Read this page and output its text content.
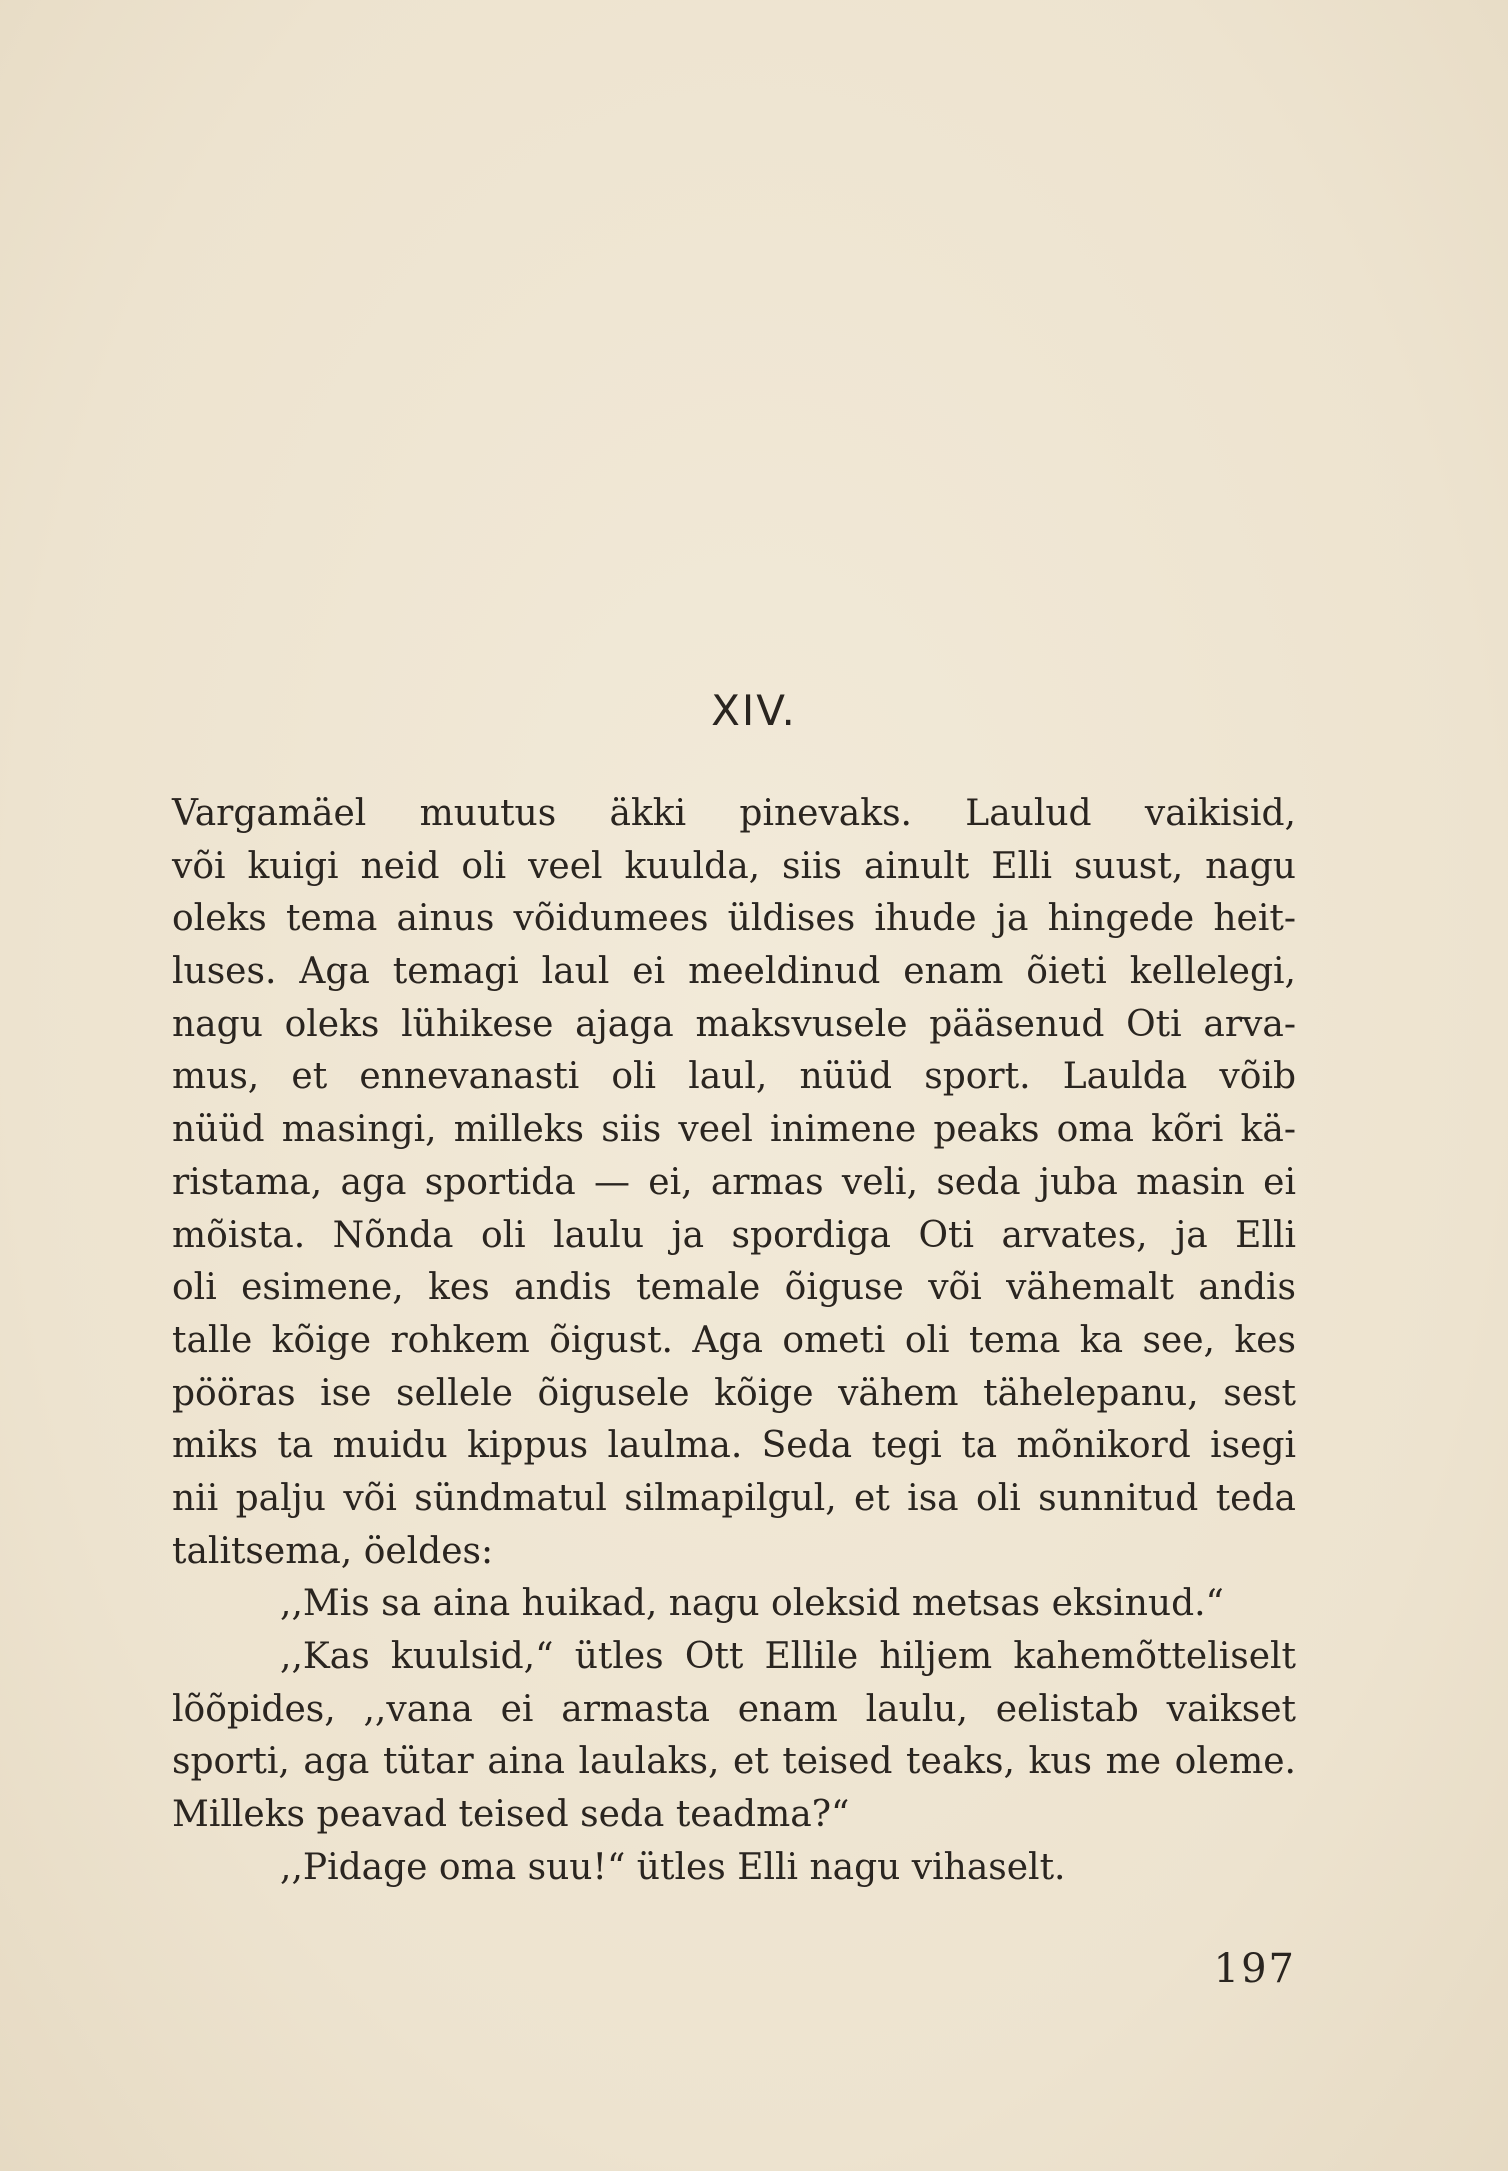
XIV.
Vargamäel muutus äkki pinevaks. Laulud vaikisid,
või kuigi neid oli veel kuulda, siis ainult Elli suust, nagu
oleks tema ainus võidumees üldises ihude ja hingede heit-
luses. Aga temagi laul ei meeldinud enam õieti kellelegi,
nagu oleks lühikese ajaga maksvusele pääsenud Oti arva-
mus, et ennevanasti oli laul, nüüd sport. Laulda võib
nüüd masingi, milleks siis veel inimene peaks oma kõri kä-
ristama, aga sportida — ei, armas veli, seda juba masin ei
mõista. Nõnda oli laulu ja spordiga Oti arvates, ja Elli
oli esimene, kes andis temale õiguse või vähemalt andis
talle kõige rohkem õigust. Aga ometi oli tema ka see, kes
pööras ise sellele õigusele kõige vähem tähelepanu, sest
miks ta muidu kippus laulma. Seda tegi ta mõnikord isegi
nii palju või sündmatul silmapilgul, et isa oli sunnitud teda
talitsema, öeldes:
,,Mis sa aina huikad, nagu oleksid metsas eksinud.“
,,Kas kuulsid,“ ütles Ott Ellile hiljem kahemõtteliselt
lõõpides, ,,vana ei armasta enam laulu, eelistab vaikset
sporti, aga tütar aina laulaks, et teised teaks, kus me oleme.
Milleks peavad teised seda teadma?“
,,Pidage oma suu!“ ütles Elli nagu vihaselt.
197
